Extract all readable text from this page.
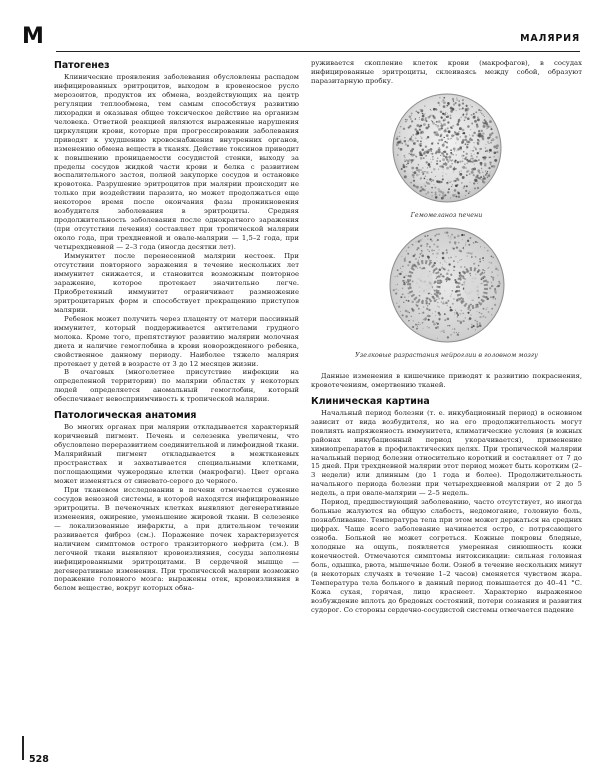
М	МАЛЯРИЯ
Патогенез

Клинические проявления заболевания обусловлены распадом инфицированных эритроцитов, выходом в кровеносное русло мерозоитов, продуктов их обмена, воздействующих на центр регуляции теплообмена, тем самым способствуя развитию лихорадки и оказывая общее токсическое действие на организм человека. Ответной реакцией являются выраженные нарушения циркуляции крови, которые при прогрессировании заболевания приводят к ухудшению кровоснабжения внутренних органов, изменению обмена веществ в тканях. Действие токсинов приводит к повышению проницаемости сосудистой стенки, выходу за пределы сосудов жидкой части крови и белка с развитием воспалительного застоя, полной закупорке сосудов и остановке кровотока. Разрушение эритроцитов при малярии происходит не только при воздействии паразита, но может продолжаться еще некоторое время после окончания фазы проникновения возбудителя заболевания в эритроциты. Средняя продолжительность заболевания после однократного заражения (при отсутствии лечения) составляет при тропической малярии около года, при трехдневной и овале-малярии — 1,5–2 года, при четырехдневной — 2–3 года (иногда десятки лет).

Иммунитет после перенесенной малярии нестоек. При отсутствии повторного заражения в течение нескольких лет иммунитет снижается, и становится возможным повторное заражение, которое протекает значительно легче. Приобретенный иммунитет ограничивает размножение эритроцитарных форм и способствует прекращению приступов малярии.

Ребенок может получить через плаценту от матери пассивный иммунитет, который поддерживается антителами грудного молока. Кроме того, препятствуют развитию малярии молочная диета и наличие гемоглобина в крови новорожденного ребенка, свойственное данному периоду. Наиболее тяжело малярия протекает у детей в возрасте от 3 до 12 месяцев жизни.

В очаговых (многолетнее присутствие инфекции на определенной территории) по малярии областях у некоторых людей определяется аномальный гемоглобин, который обеспечивает невосприимчивость к тропической малярии.

Патологическая анатомия

Во многих органах при малярии откладывается характерный коричневый пигмент. Печень и селезенка увеличены, что обусловлено переразвитием соединительной и лимфоидной ткани. Малярийный пигмент откладывается в межтканевых пространствах и захватывается специальными клетками, поглощающими чужеродные клетки (макрофаги). Цвет органа может изменяться от синевато-серого до черного.

При тканевом исследовании в печени отмечается сужение сосудов венозной системы, в которой находятся инфицированные эритроциты. В печеночных клетках выявляют дегенеративные изменения, ожирение, уменьшение жировой ткани. В селезенке — локализованные инфаркты, а при длительном течении развивается фиброз (см.). Поражение почек характеризуется наличием симптомов острого транзиторного нефрита (см.). В легочной ткани выявляют кровоизлияния, сосуды заполнены инфицированными эритроцитами. В сердечной мышце — дегенеративные изменения. При тропической малярии возможно поражение головного мозга: выражены отек, кровоизлияния в белом веществе, вокруг которых обна-

руживается скопление клеток крови (макрофагов), в сосудах инфицированные эритроциты, склеиваясь между собой, образуют паразитарную пробку.

Гемомеланоз печени
Узелковые разрастания нейроглии в головном мозгу

Данные изменения в кишечнике приводят к развитию покраснения, кровотечениям, омертвению тканей.

Клиническая картина

Начальный период болезни (т. е. инкубационный период) в основном зависит от вида возбудителя, но на его продолжительность могут повлиять напряженность иммунитета, климатические условия (в южных районах инкубационный период укорачивается), применение химиопрепаратов в профилактических целях. При тропической малярии начальный период болезни относительно короткий и составляет от 7 до 15 дней. При трехдневной малярии этот период может быть коротким (2–3 недели) или длинным (до 1 года и более). Продолжительность начального периода болезни при четырехдневной малярии от 2 до 5 недель, а при овале-малярии — 2–5 недель.

Период, предшествующий заболеванию, часто отсутствует, но иногда больные жалуются на общую слабость, недомогание, головную боль, познабливание. Температура тела при этом может держаться на средних цифрах. Чаще всего заболевание начинается остро, с потрясающего озноба. Больной не может согреться. Кожные покровы бледные, холодные на ощупь, появляется умеренная синюшность кожи конечностей. Отмечаются симптомы интоксикации: сильная головная боль, одышка, рвота, мышечные боли. Озноб в течение нескольких минут (в некоторых случаях в течение 1–2 часов) сменяется чувством жара. Температура тела больного в данный период повышается до 40–41 °С. Кожа сухая, горячая, лицо краснеет. Характерно выраженное возбуждение вплоть до бредовых состояний, потери сознания и развития судорог. Со стороны сердечно-сосудистой системы отмечается падение

528
